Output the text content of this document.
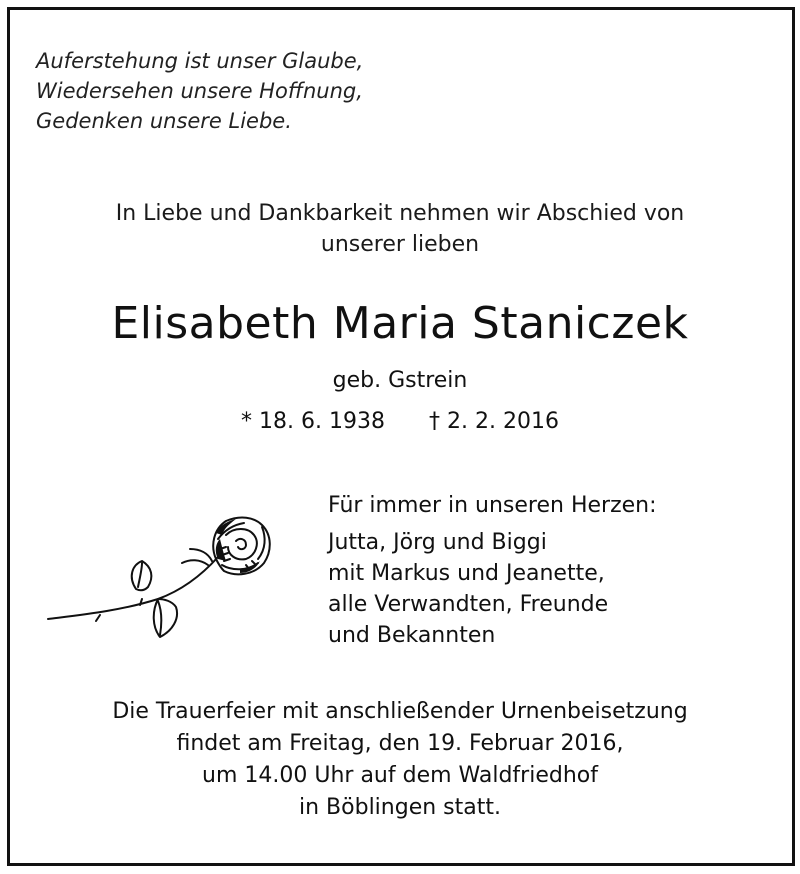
Auferstehung ist unser Glaube,
Wiedersehen unsere Hoffnung,
Gedenken unsere Liebe.
In Liebe und Dankbarkeit nehmen wir Abschied von
unserer lieben
Elisabeth Maria Staniczek
geb. Gstrein
* 18. 6. 1938 † 2. 2. 2016
Für immer in unseren Herzen:
Jutta, Jörg und Biggi
mit Markus und Jeanette,
alle Verwandten, Freunde
und Bekannten
Die Trauerfeier mit anschließender Urnenbeisetzung
findet am Freitag, den 19. Februar 2016,
um 14.00 Uhr auf dem Waldfriedhof
in Böblingen statt.
